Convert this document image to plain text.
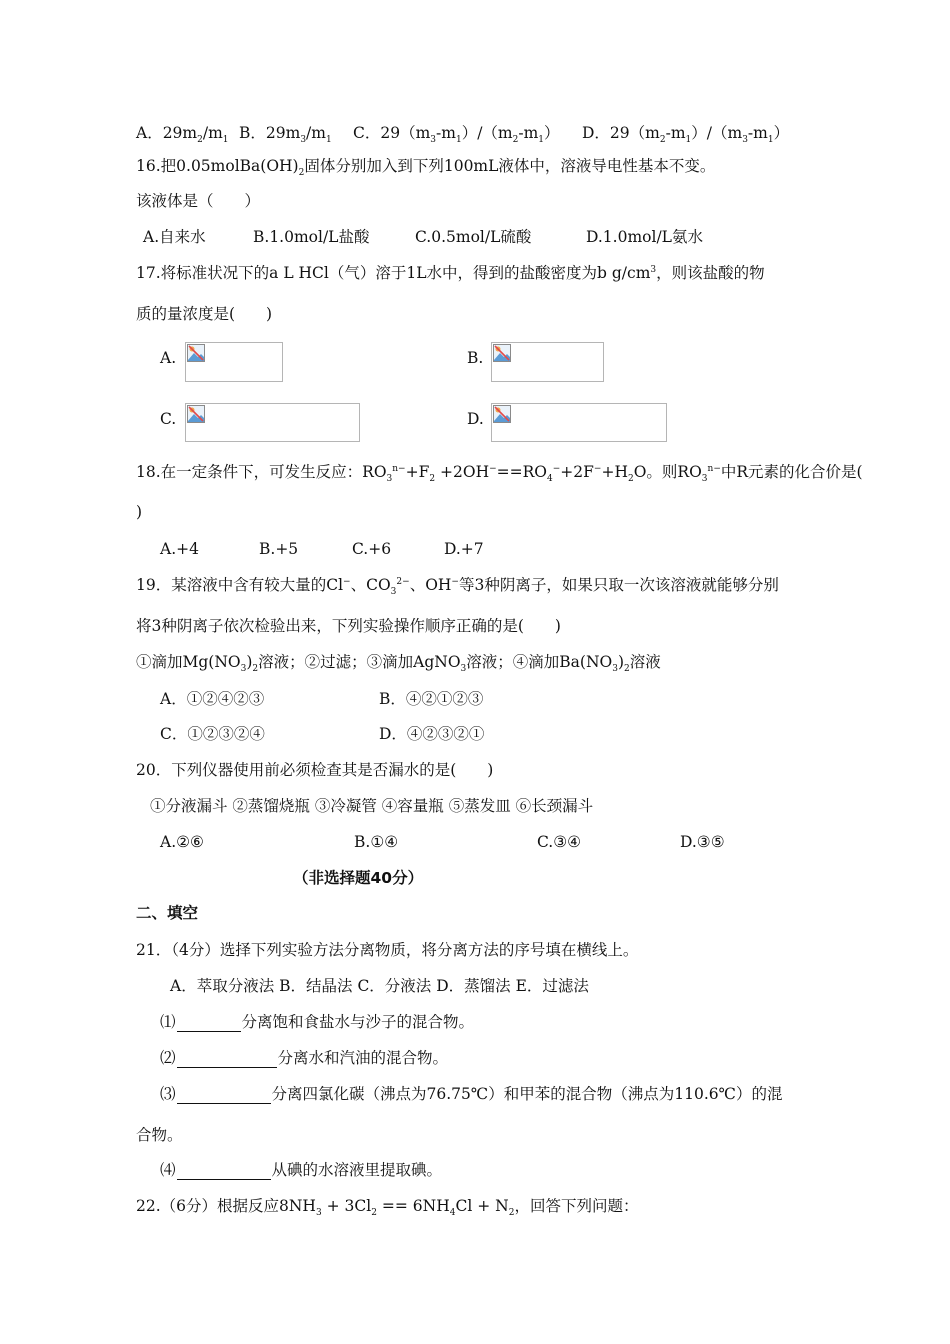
A．$29m_2/m_1$ B．$29m_3/m_1$ C．$29(m_3-m_1)/(m_2-m_1)$ D．$29(m_2-m_1)/(m_3-m_1)$
16.把$0.05molBa(OH)_2$固体分别加入到下列100mL液体中，溶液导电性基本不变。
该液体是（　　）
A.自来水	B.1.0mol/L盐酸	C.0.5mol/L硫酸	D.1.0mol/L氨水
17.将标准状况下的a L HCl（气）溶于1L水中，得到的盐酸密度为b $g/cm^3$，则该盐酸的物
质的量浓度是(　　)
A.	B.
C.	D.
18.在一定条件下，可发生反应：$RO_3^{n-}+F_2 +2OH^-==RO_4^-+2F^-+H_2O$。则$RO_3^{n-}$中R元素的化合价是(
)
A.+4	B.+5	C.+6	D.+7
19．某溶液中含有较大量的Cl−、$CO_3^{2-}$、OH−等3种阴离子，如果只取一次该溶液就能够分别
将3种阴离子依次检验出来，下列实验操作顺序正确的是(　　)
①滴加$Mg(NO_3)_2$溶液；②过滤；③滴加AgNO$_3$溶液；④滴加$Ba(NO_3)_2$溶液
A．①②④②③	B．④②①②③
C．①②③②④	D．④②③②①
20．下列仪器使用前必须检查其是否漏水的是(　　)
①分液漏斗 ②蒸馏烧瓶 ③冷凝管 ④容量瓶 ⑤蒸发皿 ⑥长颈漏斗
A.②⑥	B.①④	C.③④	D.③⑤
（非选择题40分）
二、填空
21．（4分）选择下列实验方法分离物质，将分离方法的序号填在横线上。
A．萃取分液法 B．结晶法 C．分液法 D．蒸馏法 E．过滤法
⑴	分离饱和食盐水与沙子的混合物。
⑵	分离水和汽油的混合物。
⑶	分离四氯化碳（沸点为76.75℃）和甲苯的混合物（沸点为110.6℃）的混
合物。
⑷	从碘的水溶液里提取碘。
22.（6分）根据反应$8NH_3 + 3Cl_2 == 6NH_4Cl + N_2$，回答下列问题：
